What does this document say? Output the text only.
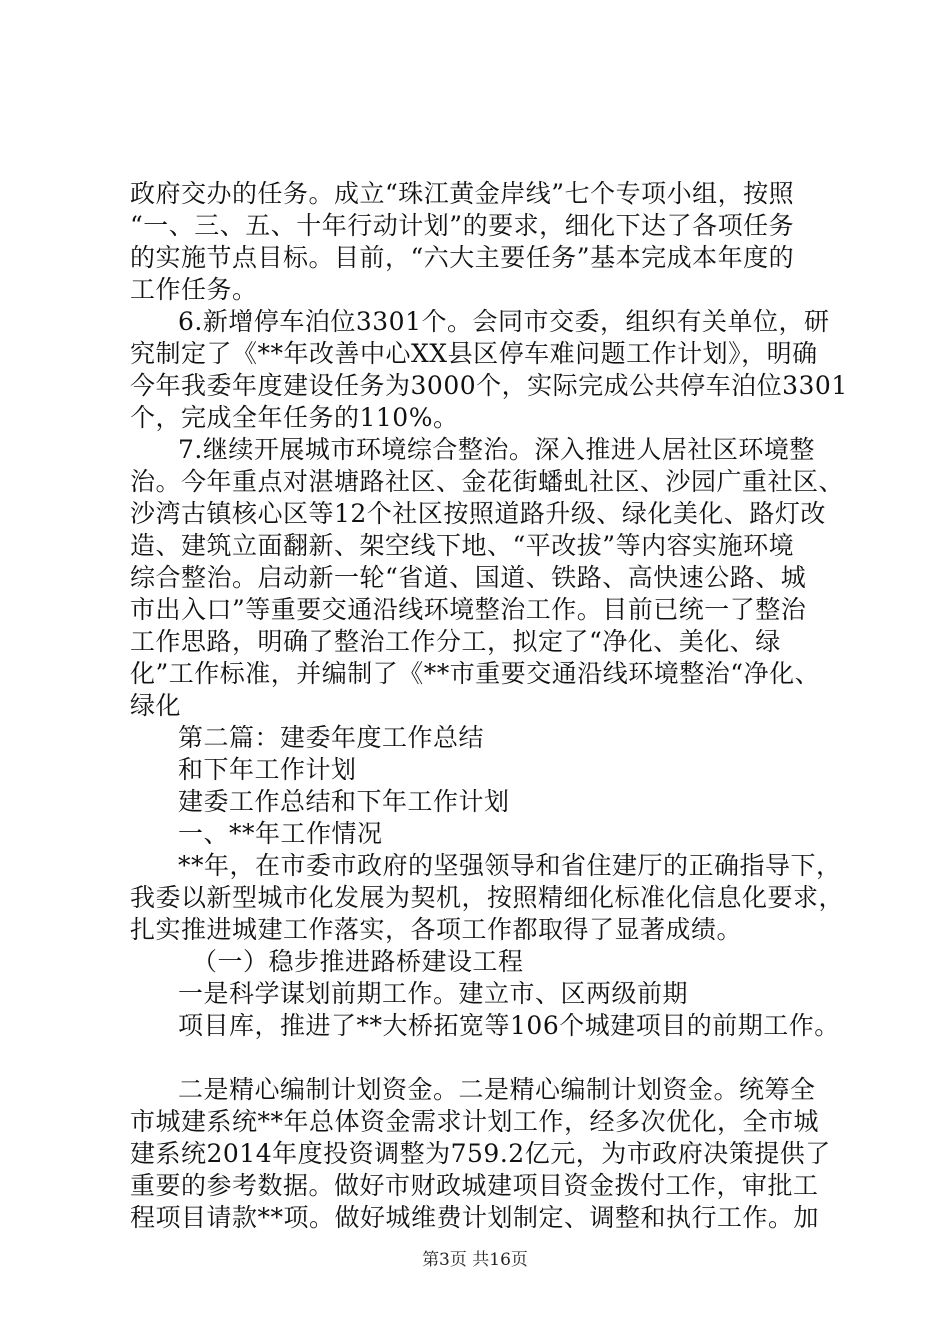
政府交办的任务。成立“珠江黄金岸线”七个专项小组，按照
“一、三、五、十年行动计划”的要求，细化下达了各项任务
的实施节点目标。目前，“六大主要任务”基本完成本年度的
工作任务。
6.新增停车泊位3301个。会同市交委，组织有关单位，研
究制定了《**年改善中心XX县区停车难问题工作计划》，明确
今年我委年度建设任务为3000个，实际完成公共停车泊位3301
个，完成全年任务的110%。
7.继续开展城市环境综合整治。深入推进人居社区环境整
治。今年重点对湛塘路社区、金花街蟠虬社区、沙园广重社区、
沙湾古镇核心区等12个社区按照道路升级、绿化美化、路灯改
造、建筑立面翻新、架空线下地、“平改拔”等内容实施环境
综合整治。启动新一轮“省道、国道、铁路、高快速公路、城
市出入口”等重要交通沿线环境整治工作。目前已统一了整治
工作思路，明确了整治工作分工，拟定了“净化、美化、绿
化”工作标准，并编制了《**市重要交通沿线环境整治“净化、
绿化
第二篇：建委年度工作总结
和下年工作计划
建委工作总结和下年工作计划
一、**年工作情况
**年，在市委市政府的坚强领导和省住建厅的正确指导下，
我委以新型城市化发展为契机，按照精细化标准化信息化要求，
扎实推进城建工作落实，各项工作都取得了显著成绩。
（一）稳步推进路桥建设工程
一是科学谋划前期工作。建立市、区两级前期
项目库，推进了**大桥拓宽等106个城建项目的前期工作。
二是精心编制计划资金。二是精心编制计划资金。统筹全
市城建系统**年总体资金需求计划工作，经多次优化，全市城
建系统2014年度投资调整为759.2亿元，为市政府决策提供了
重要的参考数据。做好市财政城建项目资金拨付工作，审批工
程项目请款**项。做好城维费计划制定、调整和执行工作。加
第3页 共16页
